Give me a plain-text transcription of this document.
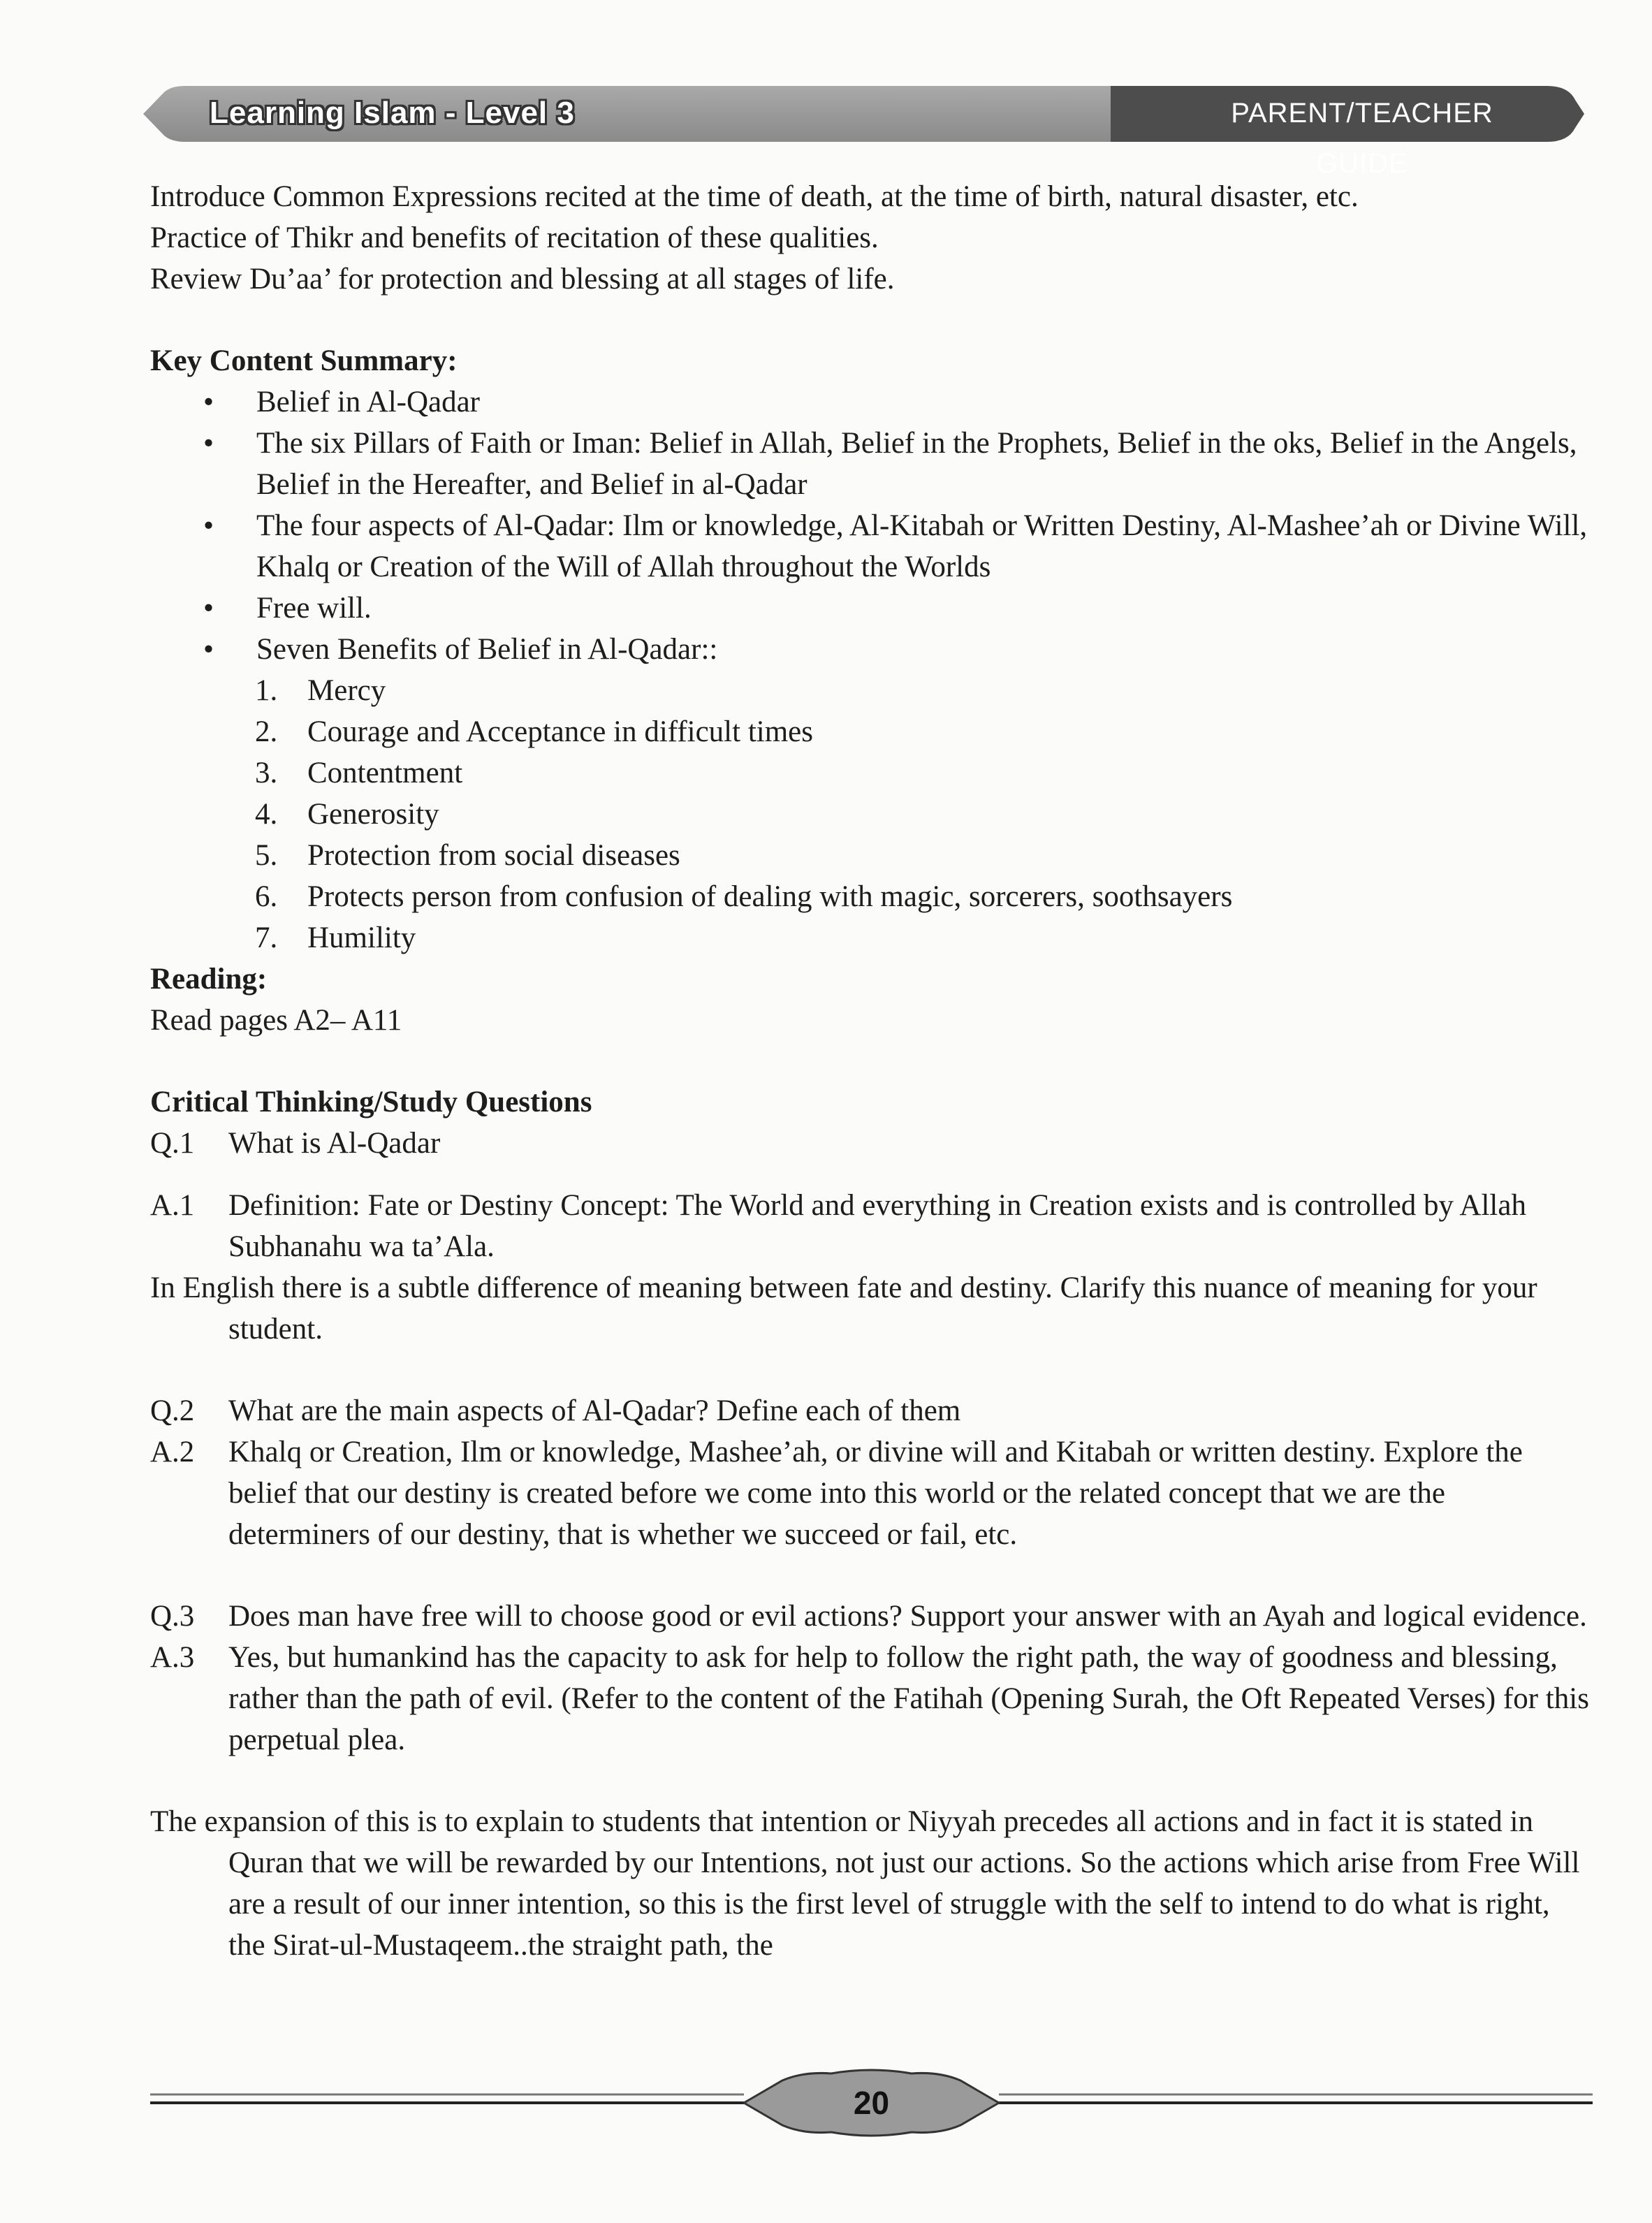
Learning Islam - Level 3	PARENT/TEACHER GUIDE

Introduce Common Expressions recited at the time of death, at the time of birth, natural disaster, etc.

Practice of Thikr and benefits of recitation of these qualities.

Review Du’aa’ for protection and blessing at all stages of life.

Key Content Summary:

• Belief in Al-Qadar
• The six Pillars of Faith or Iman: Belief in Allah, Belief in the Prophets, Belief in the oks, Belief in the Angels, Belief in the Hereafter, and Belief in al-Qadar
• The four aspects of Al-Qadar: Ilm or knowledge, Al-Kitabah or Written Destiny, Al-Mashee’ah or Divine Will, Khalq or Creation of the Will of Allah throughout the Worlds
• Free will.
• Seven Benefits of Belief in Al-Qadar::
1. Mercy
2. Courage and Acceptance in difficult times
3. Contentment
4. Generosity
5. Protection from social diseases
6. Protects person from confusion of dealing with magic, sorcerers, soothsayers
7. Humility

Reading:

Read pages A2– A11

Critical Thinking/Study Questions

Q.1 What is Al-Qadar
A.1 Definition: Fate or Destiny Concept: The World and everything in Creation exists and is controlled by Allah Subhanahu wa ta’Ala.

In English there is a subtle difference of meaning between fate and destiny. Clarify this nuance of meaning for your student.

Q.2 What are the main aspects of Al-Qadar? Define each of them
A.2 Khalq or Creation, Ilm or knowledge, Mashee’ah, or divine will and Kitabah or written destiny. Explore the belief that our destiny is created before we come into this world or the related concept that we are the determiners of our destiny, that is whether we succeed or fail, etc.
Q.3 Does man have free will to choose good or evil actions? Support your answer with an Ayah and logical evidence.
A.3 Yes, but humankind has the capacity to ask for help to follow the right path, the way of goodness and blessing, rather than the path of evil. (Refer to the content of the Fatihah (Opening Surah, the Oft Repeated Verses) for this perpetual plea.

The expansion of this is to explain to students that intention or Niyyah precedes all actions and in fact it is stated in Quran that we will be rewarded by our Intentions, not just our actions. So the actions which arise from Free Will are a result of our inner intention, so this is the first level of struggle with the self to intend to do what is right, the Sirat-ul-Mustaqeem..the straight path, the

20
